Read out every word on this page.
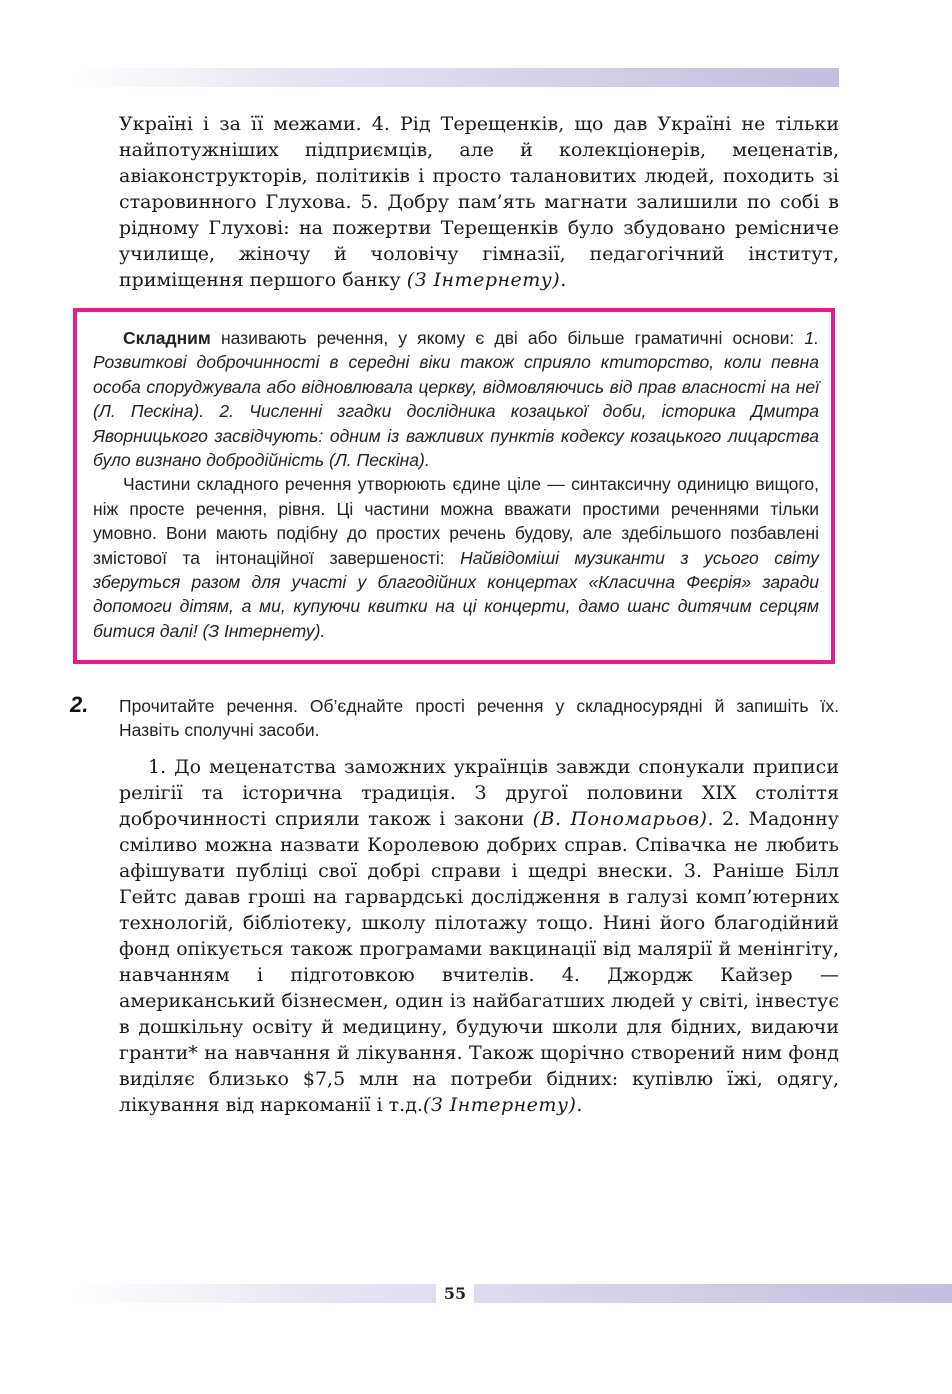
Україні і за її межами. 4. Рід Терещенків, що дав Україні не тільки найпотужніших підприємців, але й колекціонерів, меценатів, авіаконструкторів, політиків і просто талановитих людей, походить зі старовинного Глухова. 5. Добру пам’ять магнати залишили по собі в рідному Глухові: на пожертви Терещенків було збудовано ремісниче училище, жіночу й чоловічу гімназії, педагогічний інститут, приміщення першого банку (З Інтернету).

Складним називають речення, у якому є дві або більше граматичні основи: 1. Розвиткові доброчинності в середні віки також сприяло ктиторство, коли певна особа споруджувала або відновлювала церкву, відмовляючись від прав власності на неї (Л. Пескіна). 2. Численні згадки дослідника козацької доби, історика Дмитра Яворницького засвідчують: одним із важливих пунктів кодексу козацького лицарства було визнано добродійність (Л. Пескіна).

Частини складного речення утворюють єдине ціле — синтаксичну одиницю вищого, ніж просте речення, рівня. Ці частини можна вважати простими реченнями тільки умовно. Вони мають подібну до простих речень будову, але здебільшого позбавлені змістової та інтонаційної завершеності: Найвідоміші музиканти з усього світу зберуться разом для участі у благодійних концертах «Класична Феєрія» заради допомоги дітям, а ми, купуючи квитки на ці концерти, дамо шанс дитячим серцям битися далі! (З Інтернету).

2. Прочитайте речення. Об’єднайте прості речення у складносурядні й запишіть їх. Назвіть сполучні засоби.

1. До меценатства заможних українців завжди спонукали приписи релігії та історична традиція. З другої половини XIX століття доброчинності сприяли також і закони (В. Пономарьов). 2. Мадонну сміливо можна назвати Королевою добрих справ. Співачка не любить афішувати публіці свої добрі справи і щедрі внески. 3. Раніше Білл Гейтс давав гроші на гарвардські дослідження в галузі комп’ютерних технологій, бібліотеку, школу пілотажу тощо. Нині його благодійний фонд опікується також програмами вакцинації від малярії й менінгіту, навчанням і підготовкою вчителів. 4. Джордж Кайзер — американський бізнесмен, один із найбагатших людей у світі, інвестує в дошкільну освіту й медицину, будуючи школи для бідних, видаючи гранти* на навчання й лікування. Також щорічно створений ним фонд виділяє близько $7,5 млн на потреби бідних: купівлю їжі, одягу, лікування від наркоманії і т.д.(З Інтернету).

55
